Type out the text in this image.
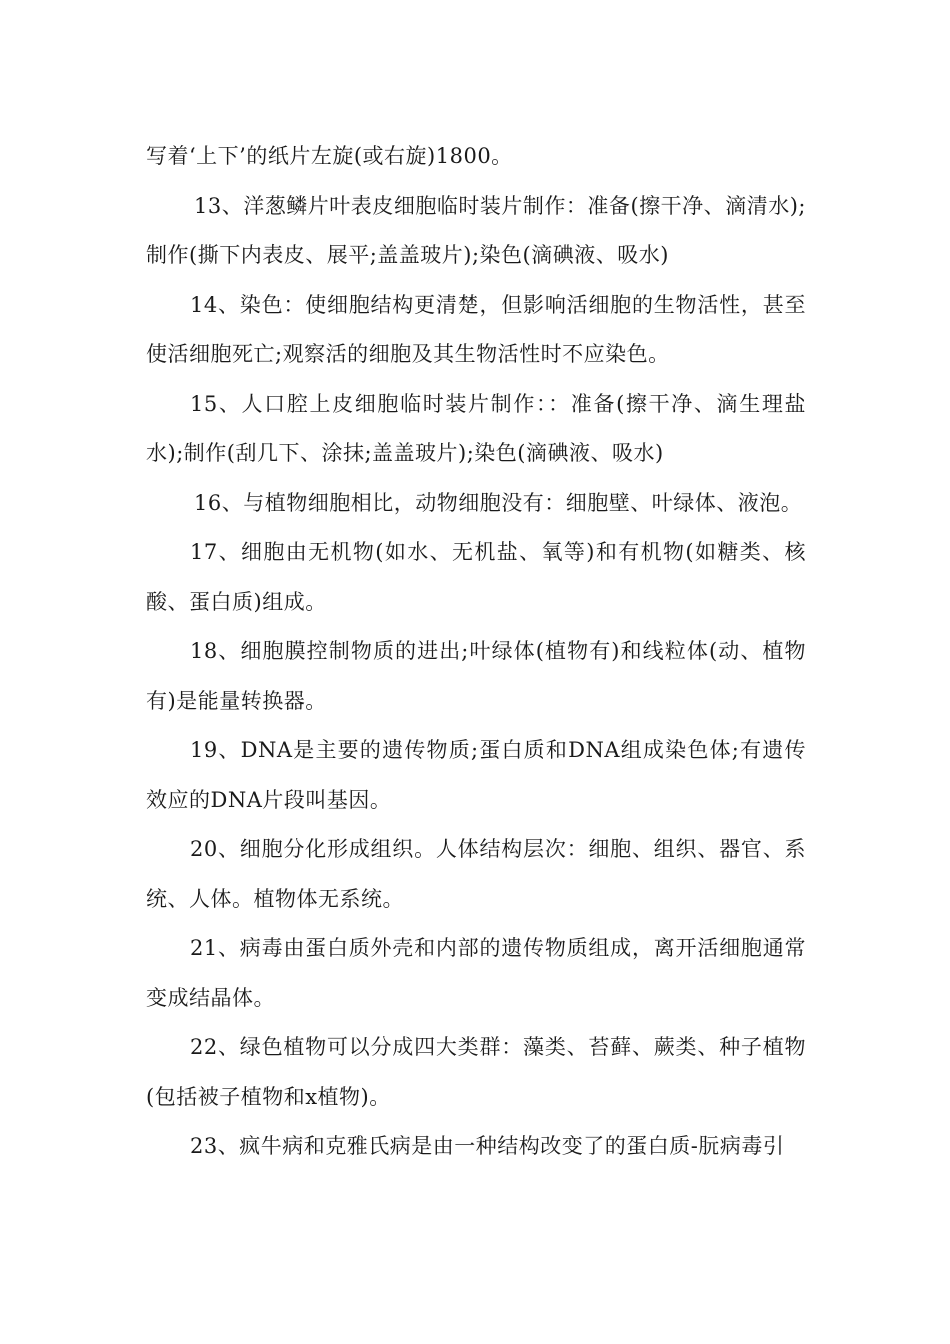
写着‘上下’的纸片左旋(或右旋)1800。

13、洋葱鳞片叶表皮细胞临时装片制作：准备(擦干净、滴清水);制作(撕下内表皮、展平;盖盖玻片);染色(滴碘液、吸水)

14、染色：使细胞结构更清楚，但影响活细胞的生物活性，甚至使活细胞死亡;观察活的细胞及其生物活性时不应染色。

15、人口腔上皮细胞临时装片制作：：准备(擦干净、滴生理盐水);制作(刮几下、涂抹;盖盖玻片);染色(滴碘液、吸水)

16、与植物细胞相比，动物细胞没有：细胞壁、叶绿体、液泡。

17、细胞由无机物(如水、无机盐、氧等)和有机物(如糖类、核酸、蛋白质)组成。

18、细胞膜控制物质的进出;叶绿体(植物有)和线粒体(动、植物有)是能量转换器。

19、DNA是主要的遗传物质;蛋白质和DNA组成染色体;有遗传效应的DNA片段叫基因。

20、细胞分化形成组织。人体结构层次：细胞、组织、器官、系统、人体。植物体无系统。

21、病毒由蛋白质外壳和内部的遗传物质组成，离开活细胞通常变成结晶体。

22、绿色植物可以分成四大类群：藻类、苔藓、蕨类、种子植物(包括被子植物和x植物)。

23、疯牛病和克雅氏病是由一种结构改变了的蛋白质-朊病毒引
